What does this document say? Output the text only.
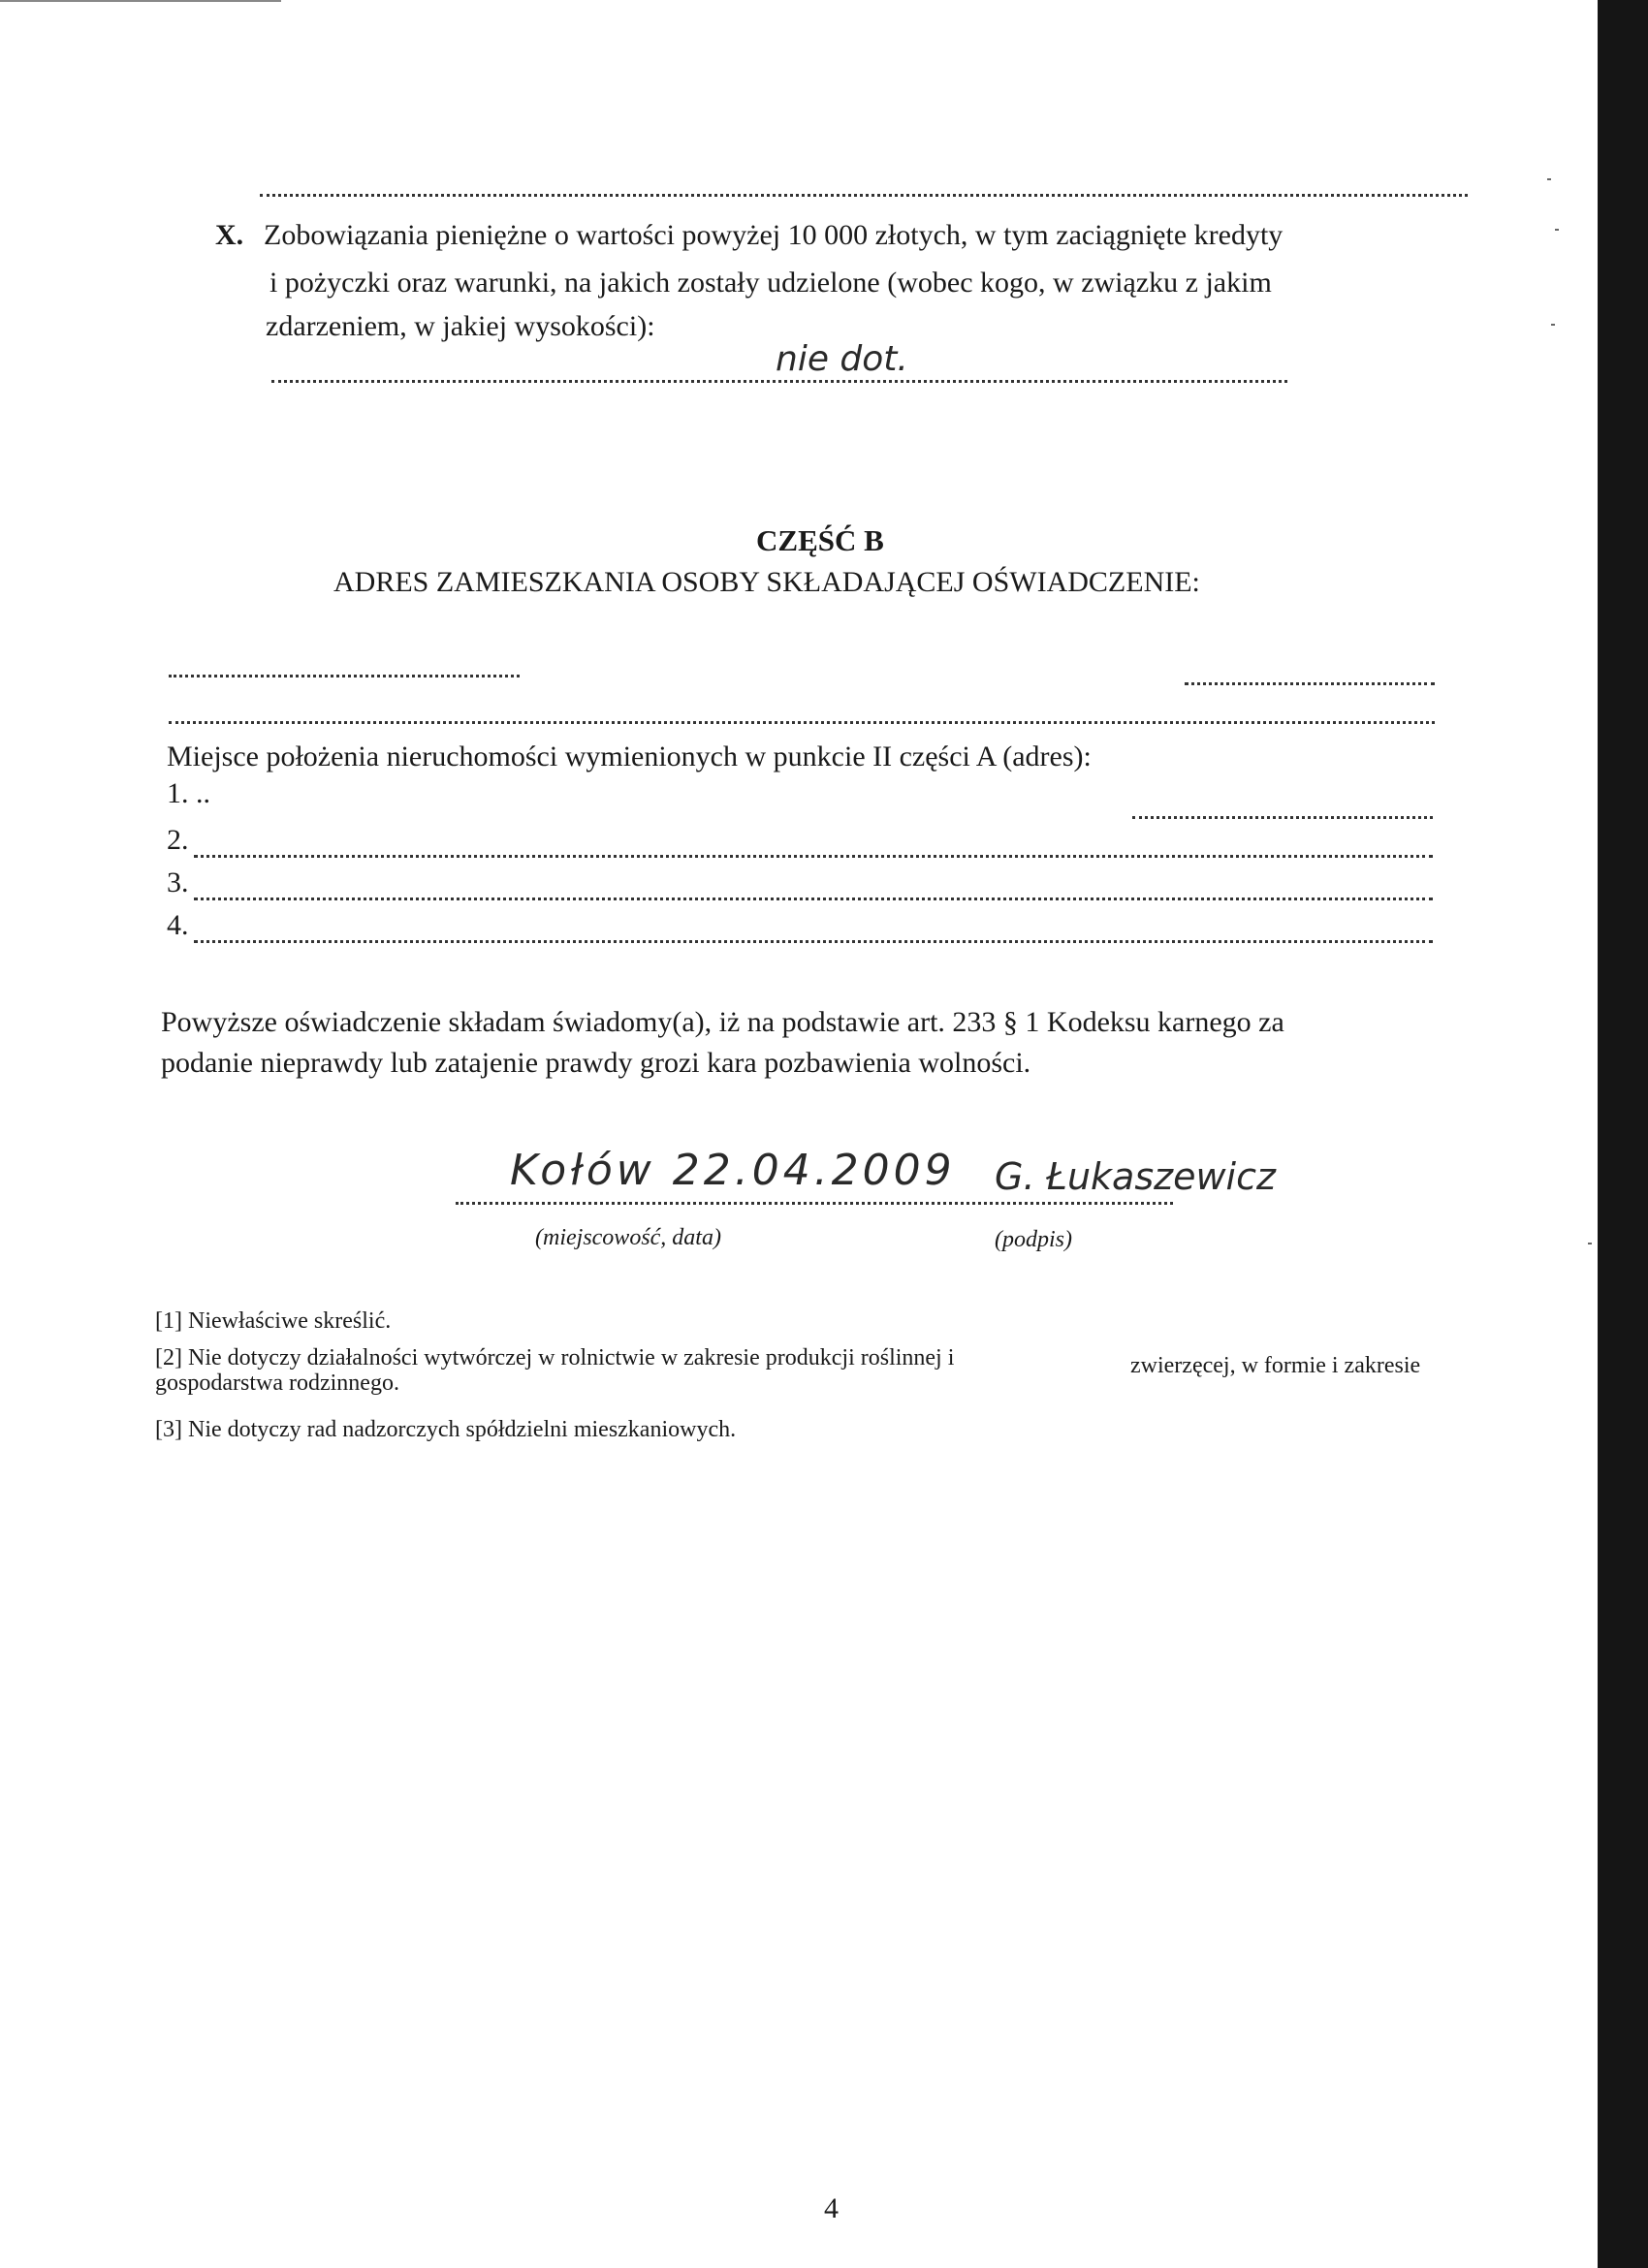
X. Zobowiązania pieniężne o wartości powyżej 10 000 złotych, w tym zaciągnięte kredyty
i pożyczki oraz warunki, na jakich zostały udzielone (wobec kogo, w związku z jakim
zdarzeniem, w jakiej wysokości):
nie dot.
CZĘŚĆ B
ADRES ZAMIESZKANIA OSOBY SKŁADAJĄCEJ OŚWIADCZENIE:
Miejsce położenia nieruchomości wymienionych w punkcie II części A (adres):
1. ..
2.
3.
4.
Powyższe oświadczenie składam świadomy(a), iż na podstawie art. 233 § 1 Kodeksu karnego za
podanie nieprawdy lub zatajenie prawdy grozi kara pozbawienia wolności.
Kołów 22.04.2009 G. Łukaszewicz
(miejscowość, data)	(podpis)
[1] Niewłaściwe skreślić.
[2] Nie dotyczy działalności wytwórczej w rolnictwie w zakresie produkcji roślinnej i	zwierzęcej, w formie i zakresie
gospodarstwa rodzinnego.
[3] Nie dotyczy rad nadzorczych spółdzielni mieszkaniowych.
4
